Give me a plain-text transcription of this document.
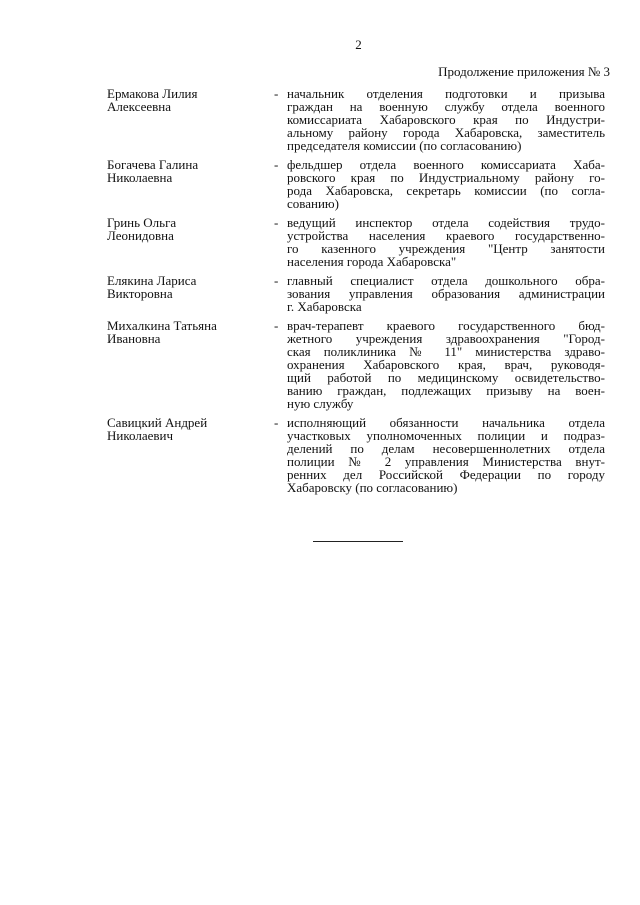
2
Продолжение приложения № 3
Ермакова Лилия
Алексеевна
- начальник отделения подготовки и призыва
граждан на военную службу отдела военного
комиссариата Хабаровского края по Индустри-
альному району города Хабаровска, заместитель
председателя комиссии (по согласованию)
Богачева Галина
Николаевна
- фельдшер отдела военного комиссариата Хаба-
ровского края по Индустриальному району го-
рода Хабаровска, секретарь комиссии (по согла-
сованию)
Гринь Ольга
Леонидовна
- ведущий инспектор отдела содействия трудо-
устройства населения краевого государственно-
го казенного учреждения "Центр занятости
населения города Хабаровска"
Елякина Лариса
Викторовна
- главный специалист отдела дошкольного обра-
зования управления образования администрации
г. Хабаровска
Михалкина Татьяна
Ивановна
- врач-терапевт краевого государственного бюд-
жетного учреждения здравоохранения "Город-
ская поликлиника № 11" министерства здраво-
охранения Хабаровского края, врач, руководя-
щий работой по медицинскому освидетельство-
ванию граждан, подлежащих призыву на воен-
ную службу
Савицкий Андрей
Николаевич
- исполняющий обязанности начальника отдела
участковых уполномоченных полиции и подраз-
делений по делам несовершеннолетних отдела
полиции № 2 управления Министерства внут-
ренних дел Российской Федерации по городу
Хабаровску (по согласованию)
